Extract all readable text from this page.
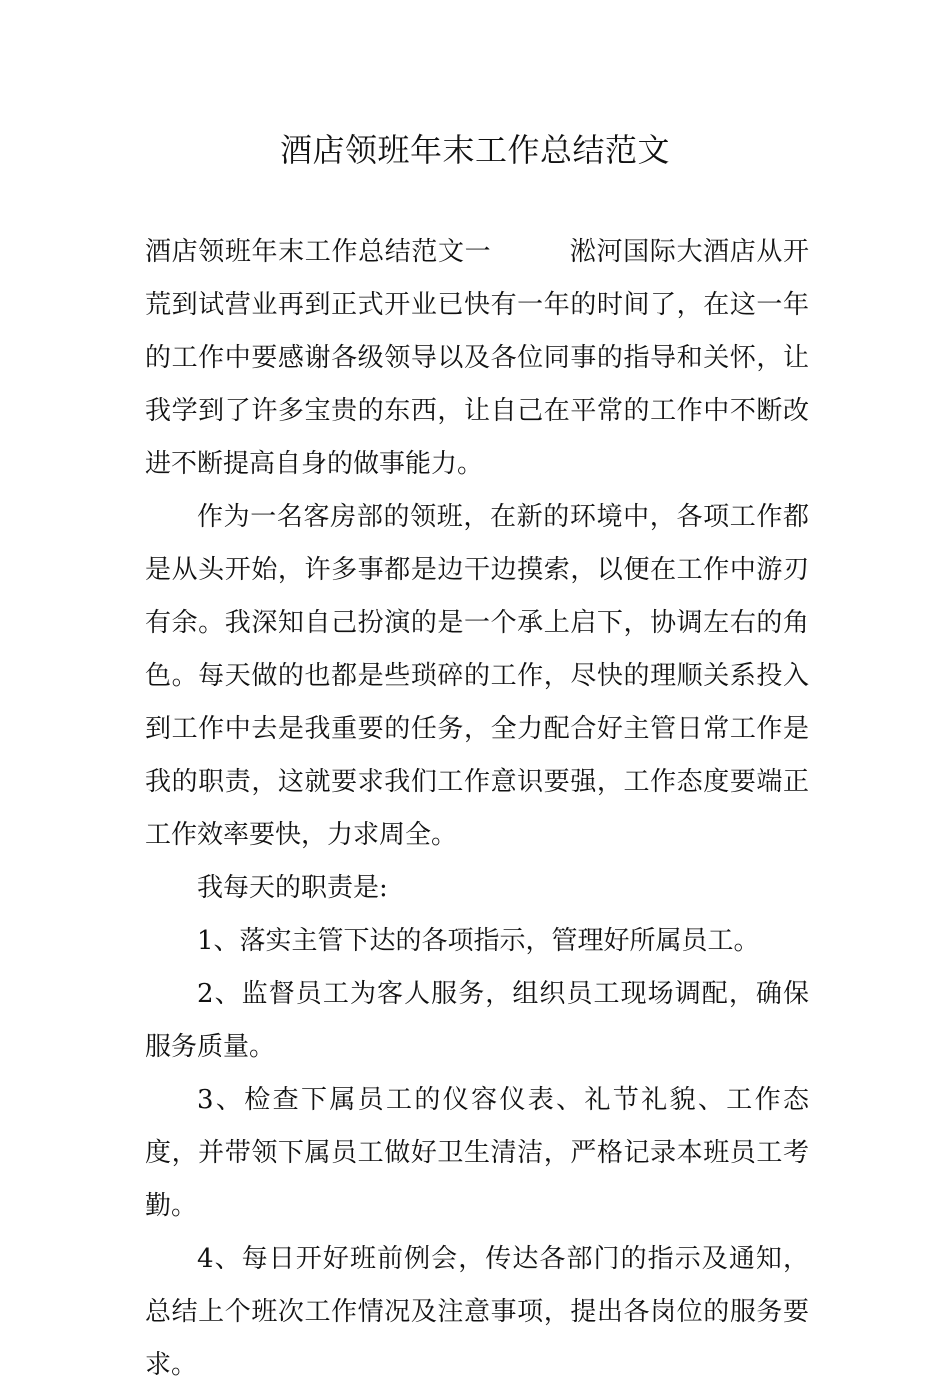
酒店领班年末工作总结范文

酒店领班年末工作总结范文一	淞河国际大酒店从开荒到试营业再到正式开业已快有一年的时间了，在这一年的工作中要感谢各级领导以及各位同事的指导和关怀，让我学到了许多宝贵的东西，让自己在平常的工作中不断改进不断提高自身的做事能力。

作为一名客房部的领班，在新的环境中，各项工作都是从头开始，许多事都是边干边摸索，以便在工作中游刃有余。我深知自己扮演的是一个承上启下，协调左右的角色。每天做的也都是些琐碎的工作，尽快的理顺关系投入到工作中去是我重要的任务，全力配合好主管日常工作是我的职责，这就要求我们工作意识要强，工作态度要端正工作效率要快，力求周全。

我每天的职责是:

1、落实主管下达的各项指示，管理好所属员工。

2、监督员工为客人服务，组织员工现场调配，确保服务质量。

3、检查下属员工的仪容仪表、礼节礼貌、工作态度，并带领下属员工做好卫生清洁，严格记录本班员工考勤。

4、每日开好班前例会，传达各部门的指示及通知，总结上个班次工作情况及注意事项，提出各岗位的服务要求。
